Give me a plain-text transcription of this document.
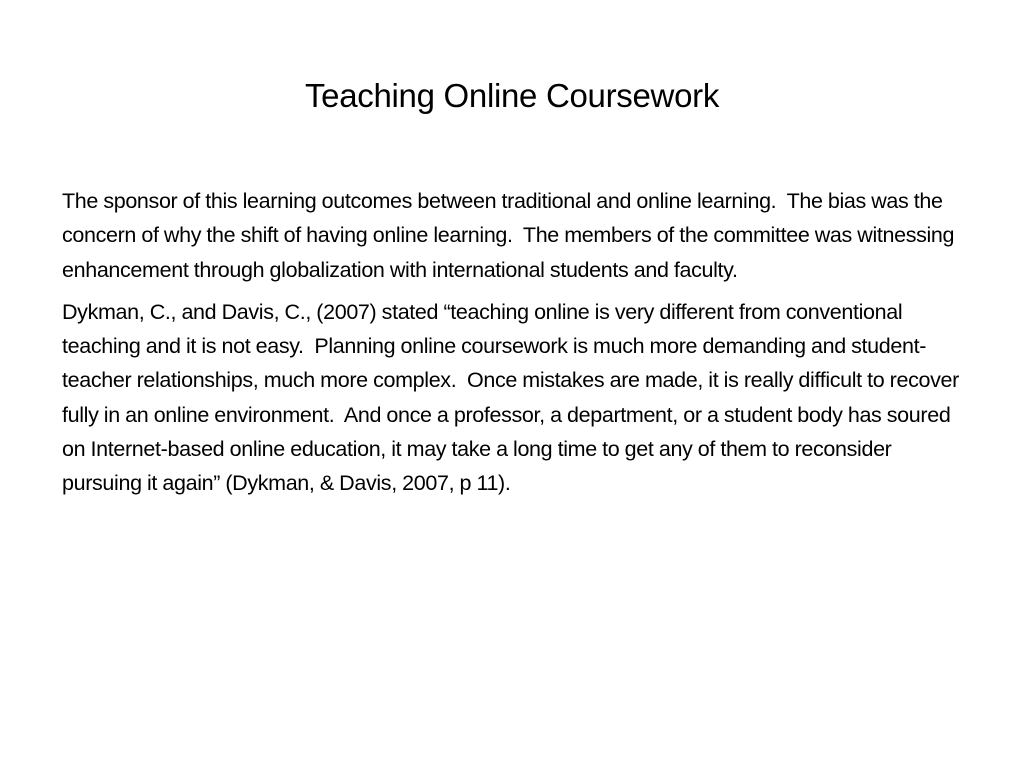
Teaching Online Coursework

The sponsor of this learning outcomes between traditional and online learning.  The bias was the concern of why the shift of having online learning.  The members of the committee was witnessing enhancement through globalization with international students and faculty.

Dykman, C., and Davis, C., (2007) stated “teaching online is very different from conventional teaching and it is not easy.  Planning online coursework is much more demanding and student-teacher relationships, much more complex.  Once mistakes are made, it is really difficult to recover fully in an online environment.  And once a professor, a department, or a student body has soured on Internet-based online education, it may take a long time to get any of them to reconsider pursuing it again” (Dykman, & Davis, 2007, p 11).
